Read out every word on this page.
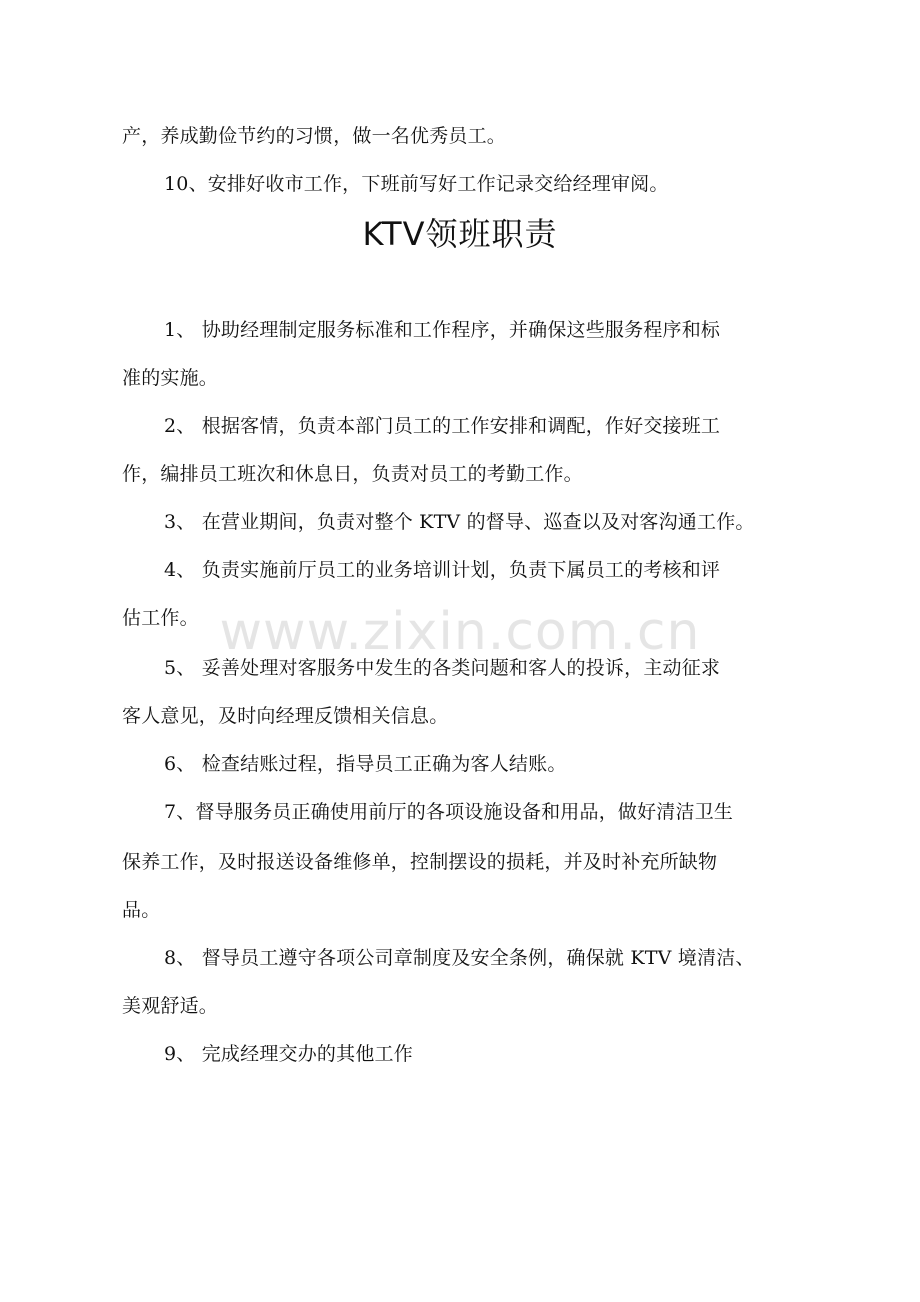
产，养成勤俭节约的习惯，做一名优秀员工。
10、安排好收市工作，下班前写好工作记录交给经理审阅。
KTV领班职责
1、 协助经理制定服务标准和工作程序，并确保这些服务程序和标
准的实施。
2、 根据客情，负责本部门员工的工作安排和调配，作好交接班工
作，编排员工班次和休息日，负责对员工的考勤工作。
3、 在营业期间，负责对整个 KTV 的督导、巡查以及对客沟通工作。
4、 负责实施前厅员工的业务培训计划，负责下属员工的考核和评
估工作。
5、 妥善处理对客服务中发生的各类问题和客人的投诉，主动征求
客人意见，及时向经理反馈相关信息。
6、 检查结账过程，指导员工正确为客人结账。
7、督导服务员正确使用前厅的各项设施设备和用品，做好清洁卫生
保养工作，及时报送设备维修单，控制摆设的损耗，并及时补充所缺物
品。
8、 督导员工遵守各项公司章制度及安全条例，确保就 KTV 境清洁、
美观舒适。
9、 完成经理交办的其他工作
www.zixin.com.cn
